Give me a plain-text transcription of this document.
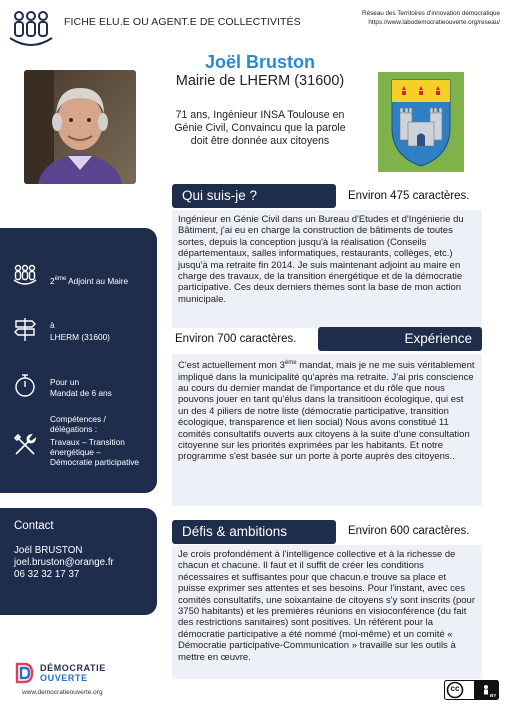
FICHE ELU.E OU AGENT.E DE COLLECTIVITÉS
Réseau des Territoires d'innovation démocratique
https://www.labodemocratieouverte.org/reseau/
Joël Bruston
Mairie de LHERM (31600)
71 ans, Ingénieur INSA Toulouse en Génie Civil, Convaincu que la parole doit être donnée aux citoyens
2ème Adjoint au Maire
à
LHERM (31600)
Pour un
Mandat de 6 ans
Compétences / délégations :
Travaux – Transition énergétique – Démocratie participative
Contact
Joël BRUSTON
joel.bruston@orange.fr
06 32 32 17 37
Qui suis-je ?	Environ 475 caractères.
Ingénieur en Génie Civil dans un Bureau d'Etudes et d'Ingénierie du Bâtiment, j'ai eu en charge la construction de bâtiments de toutes sortes, depuis la conception jusqu'à la réalisation (Conseils départementaux, salles informatiques, restaurants, collèges, etc.) jusqu'à ma retraite fin 2014. Je suis maintenant adjoint au maire en charge des travaux, de la transition énergétique et de la démocratie participative. Ces deux derniers thèmes sont la base de mon action municipale.
Environ 700 caractères.	Expérience
C'est actuellement mon 3ème mandat, mais je ne me suis véritablement impliqué dans la municipalité qu'après ma retraite. J'ai pris conscience au cours du dernier mandat de l'importance et du rôle que nous pouvons jouer en tant qu'élus dans la transitioon écologique, qui est un des 4 piliers de notre liste (démocratie participative, transition écologique, transparence et lien social) Nous avons constitué 11 comités consultatifs ouverts aux citoyens à la suite d'une consultation citoyenne sur les priorités exprimées par les habitants. Et notre programme s'est basée sur un porte à porte auprès des citoyens..
Défis & ambitions	Environ 600 caractères.
Je crois profondément à l'intelligence collective et à la richesse de chacun et chacune. Il faut et il suffit de créer les conditions nécessaires et suffisantes pour que chacun.e trouve sa place et puisse exprimer ses attentes et ses besoins. Pour l'instant, avec ces comités consultatifs, une soixantaine de citoyens s'y sont inscrits (pour 3750 habitants) et les premières réunions en visioconférence (du fait des restrictions sanitaires) sont positives. Un référent pour la démocratie participative a été nommé (moi-même) et un comité « Démocratie participative-Communication » travaille sur les outils à mettre en œuvre.
DÉMOCRATIE
OUVERTE
www.democratieouverte.org	cc
BY
